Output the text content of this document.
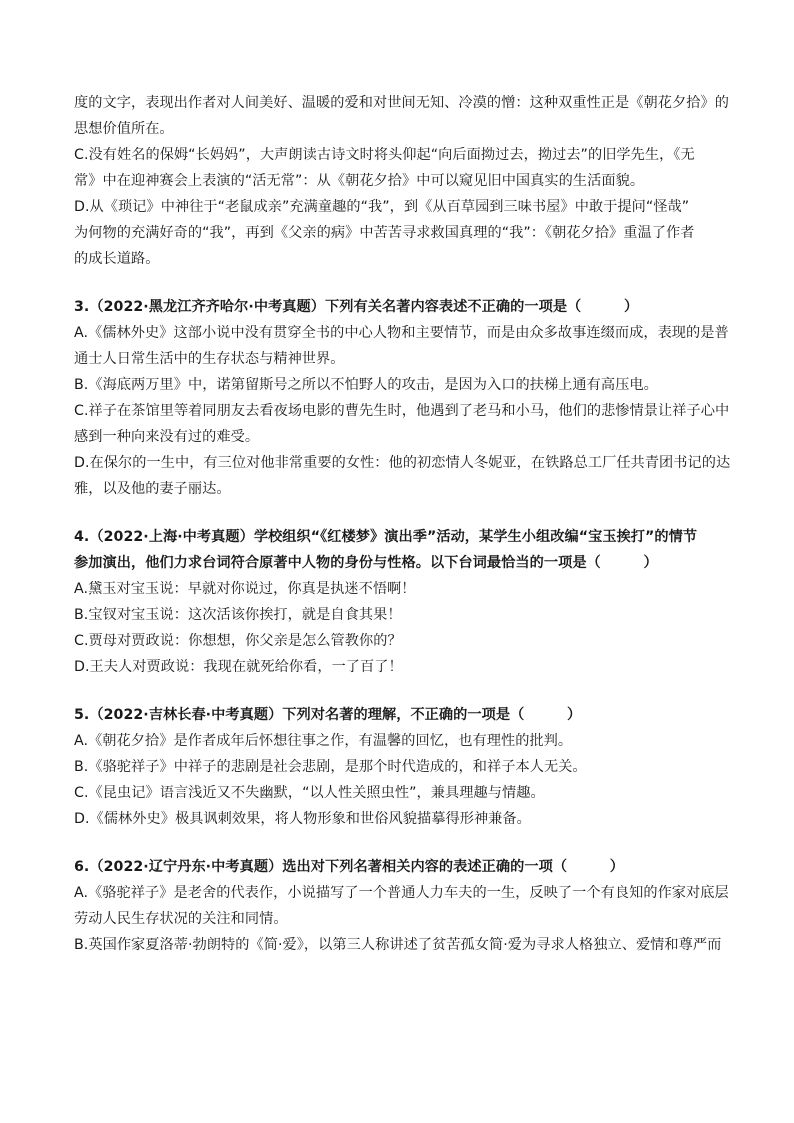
度的文字，表现出作者对人间美好、温暖的爱和对世间无知、冷漠的憎：这种双重性正是《朝花夕拾》的
思想价值所在。
C.没有姓名的保姆“长妈妈”，大声朗读古诗文时将头仰起“向后面拗过去，拗过去”的旧学先生，《无
常》中在迎神赛会上表演的“活无常”：从《朝花夕拾》中可以窥见旧中国真实的生活面貌。
D.从《琐记》中神往于“老鼠成亲”充满童趣的“我”，到《从百草园到三味书屋》中敢于提问“怪哉”
为何物的充满好奇的“我”，再到《父亲的病》中苦苦寻求救国真理的“我”：《朝花夕拾》重温了作者
的成长道路。
3.（2022·黑龙江齐齐哈尔·中考真题）下列有关名著内容表述不正确的一项是（　　　）
A.《儒林外史》这部小说中没有贯穿全书的中心人物和主要情节，而是由众多故事连缀而成，表现的是普
通士人日常生活中的生存状态与精神世界。
B.《海底两万里》中，诺第留斯号之所以不怕野人的攻击，是因为入口的扶梯上通有高压电。
C.祥子在茶馆里等着同朋友去看夜场电影的曹先生时，他遇到了老马和小马，他们的悲惨情景让祥子心中
感到一种向来没有过的难受。
D.在保尔的一生中，有三位对他非常重要的女性：他的初恋情人冬妮亚，在铁路总工厂任共青团书记的达
雅，以及他的妻子丽达。
4.（2022·上海·中考真题）学校组织“《红楼梦》演出季”活动，某学生小组改编“宝玉挨打”的情节
参加演出，他们力求台词符合原著中人物的身份与性格。以下台词最恰当的一项是（　　　）
A.黛玉对宝玉说：早就对你说过，你真是执迷不悟啊！
B.宝钗对宝玉说：这次活该你挨打，就是自食其果！
C.贾母对贾政说：你想想，你父亲是怎么管教你的？
D.王夫人对贾政说：我现在就死给你看，一了百了！
5.（2022·吉林长春·中考真题）下列对名著的理解，不正确的一项是（　　　）
A.《朝花夕拾》是作者成年后怀想往事之作，有温馨的回忆，也有理性的批判。
B.《骆驼祥子》中祥子的悲剧是社会悲剧，是那个时代造成的，和祥子本人无关。
C.《昆虫记》语言浅近又不失幽默，“以人性关照虫性”，兼具理趣与情趣。
D.《儒林外史》极具讽刺效果，将人物形象和世俗风貌描摹得形神兼备。
6.（2022·辽宁丹东·中考真题）选出对下列名著相关内容的表述正确的一项（　　　）
A.《骆驼祥子》是老舍的代表作，小说描写了一个普通人力车夫的一生，反映了一个有良知的作家对底层
劳动人民生存状况的关注和同情。
B.英国作家夏洛蒂·勃朗特的《简·爱》，以第三人称讲述了贫苦孤女简·爱为寻求人格独立、爱情和尊严而
